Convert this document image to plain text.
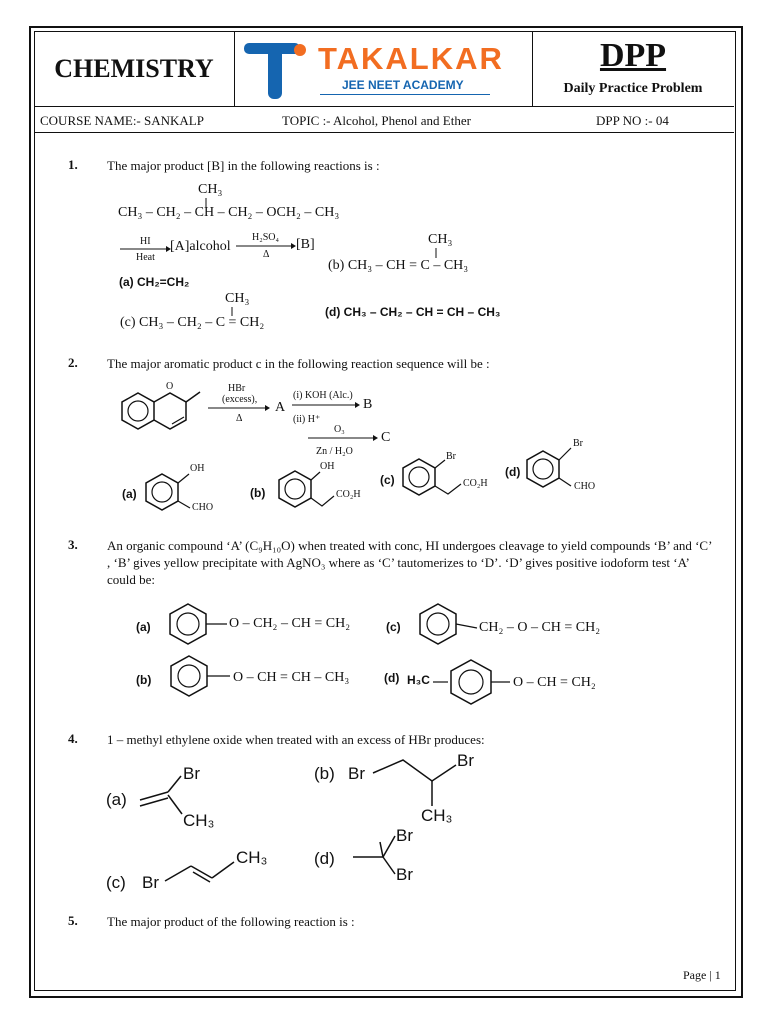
CHEMISTRY	TAKALKAR
JEE NEET ACADEMY
DPP
Daily Practice Problem
COURSE NAME:- SANKALP	TOPIC :- Alcohol, Phenol and Ether	DPP NO :- 04
1. The major product [B] in the following reactions is :
CH₃
CH₃ – CH₂ – CH – CH₂ – OCH₂ – CH₃
HI
Heat
[A]alcohol
H₂SO₄
Δ
[B]
(a) CH₂=CH₂
CH₃
(b) CH₃ – CH = C – CH₃
CH₃
(c) CH₃ – CH₂ – C = CH₂
(d) CH₃ – CH₂ – CH = CH – CH₃
2. The major aromatic product c in the following reaction sequence will be :
O	HBr
(excess),
Δ
A
(i) KOH (Alc.)
(ii) H⁺
B
O₃
Zn / H₂O
C
(a)
OH
CHO
(b)
OH
CO₂H
(c)
Br
CO₂H
(d)
Br
CHO
3. An organic compound ‘A’ (C₉H₁₀O) when treated with conc, HI undergoes cleavage to yield compounds ‘B’ and ‘C’ , ‘B’ gives yellow precipitate with AgNO₃ where as ‘C’ tautomerizes to ‘D’. ‘D’ gives positive iodoform test ‘A’ could be:
(a)	O – CH₂ – CH = CH₂	(c)	CH₂ – O – CH = CH₂
(b)	O – CH = CH – CH₃	(d) H₃C	O – CH = CH₂
4. 1 – methyl ethylene oxide when treated with an excess of HBr produces:
(a)
Br
CH₃
(b) Br
Br
CH₃
(c) Br
CH₃	(d)
Br
Br
5. The major product of the following reaction is :
Page | 1
